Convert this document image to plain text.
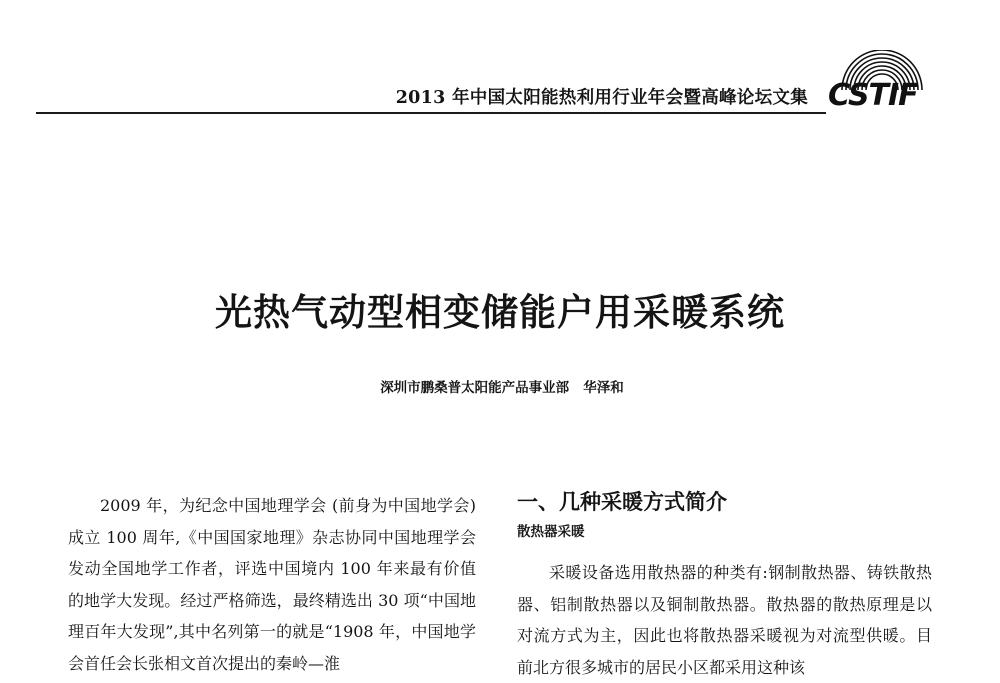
2013 年中国太阳能热利用行业年会暨高峰论坛文集 CSTIF
光热气动型相变储能户用采暖系统
深圳市鹏桑普太阳能产品事业部 华泽和

2009 年，为纪念中国地理学会 (前身为中国地学会)成立 100 周年,《中国国家地理》杂志协同中国地理学会发动全国地学工作者，评选中国境内 100 年来最有价值的地学大发现。经过严格筛选，最终精选出 30 项“中国地理百年大发现”,其中名列第一的就是“1908 年，中国地学会首任会长张相文首次提出的秦岭—淮

一、几种采暖方式简介
散热器采暖

采暖设备选用散热器的种类有:钢制散热器、铸铁散热器、铝制散热器以及铜制散热器。散热器的散热原理是以对流方式为主，因此也将散热器采暖视为对流型供暖。目前北方很多城市的居民小区都采用这种该
